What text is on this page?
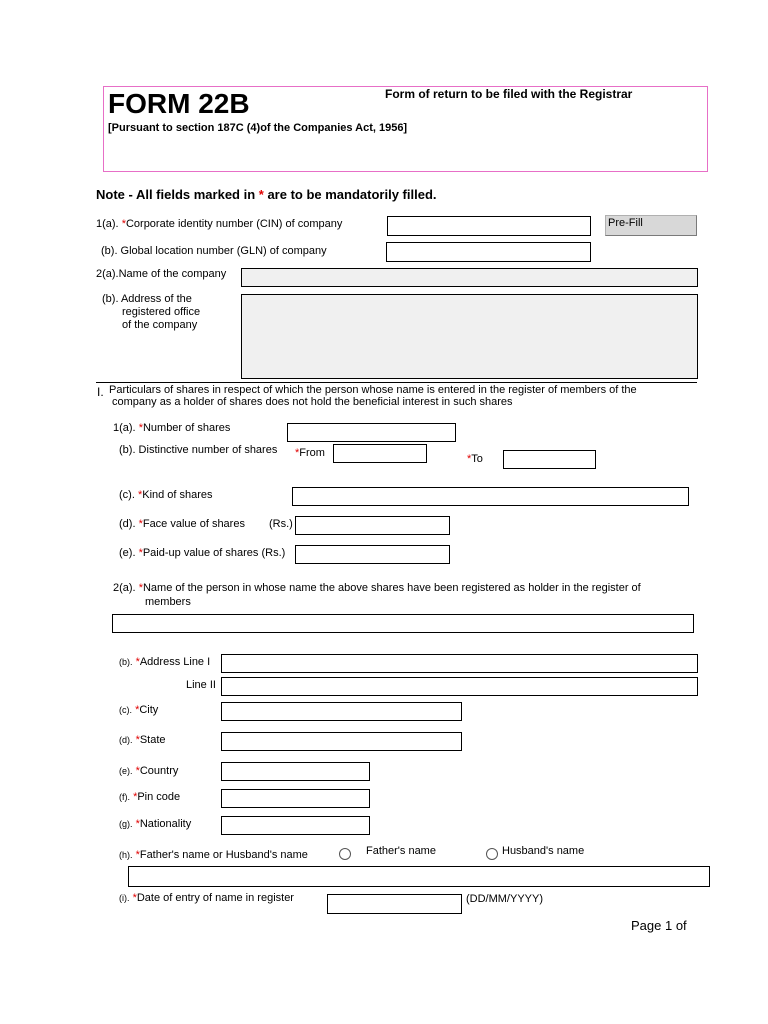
FORM 22B	Form of return to be filed with the Registrar
[Pursuant to section 187C (4)of the Companies Act, 1956]
Note - All fields marked in * are to be mandatorily filled.
1(a). *Corporate identity number (CIN) of company	Pre-Fill
(b). Global location number (GLN) of company
2(a).Name of the company
(b). Address of the
registered office
of the company
I. Particulars of shares in respect of which the person whose name is entered in the register of members of the
company as a holder of shares does not hold the beneficial interest in such shares
1(a). *Number of shares
(b). Distinctive number of shares *From	*To
(c). *Kind of shares
(d). *Face value of shares (Rs.)
(e). *Paid-up value of shares (Rs.)
2(a). *Name of the person in whose name the above shares have been registered as holder in the register of
members
(b). *Address Line I
Line II
(c). *City
(d). *State
(e). *Country
(f). *Pin code
(g). *Nationality
(h). *Father's name or Husband's name	Father's name	Husband's name
(i). *Date of entry of name in register	(DD/MM/YYYY)
Page 1 of
